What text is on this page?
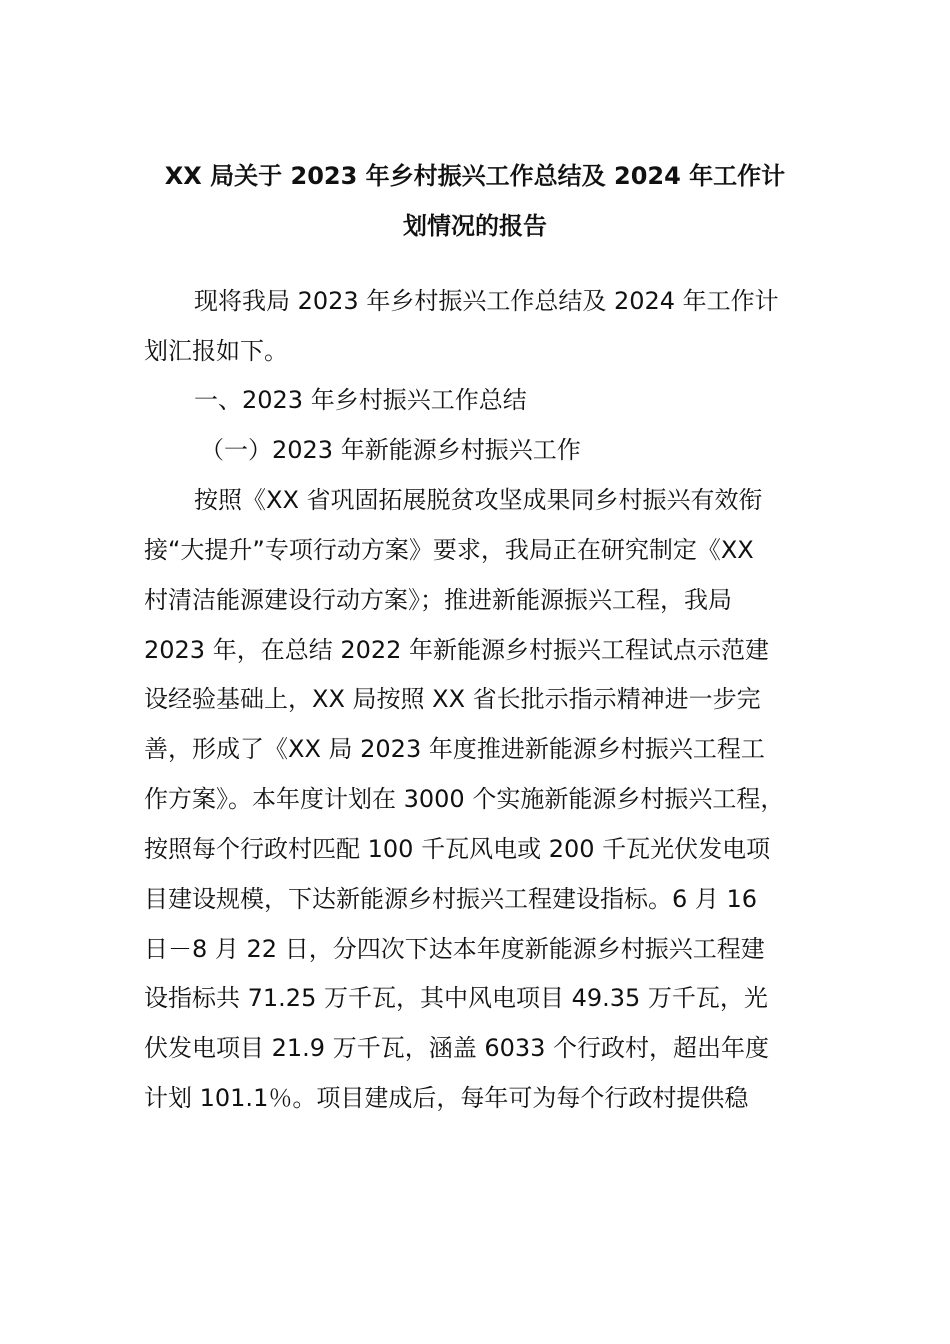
XX 局关于 2023 年乡村振兴工作总结及 2024 年工作计
划情况的报告
现将我局 2023 年乡村振兴工作总结及 2024 年工作计
划汇报如下。
一、2023 年乡村振兴工作总结
（一）2023 年新能源乡村振兴工作
按照《XX 省巩固拓展脱贫攻坚成果同乡村振兴有效衔
接“大提升”专项行动方案》要求，我局正在研究制定《XX
村清洁能源建设行动方案》；推进新能源振兴工程，我局
2023 年，在总结 2022 年新能源乡村振兴工程试点示范建
设经验基础上，XX 局按照 XX 省长批示指示精神进一步完
善，形成了《XX 局 2023 年度推进新能源乡村振兴工程工
作方案》。本年度计划在 3000 个实施新能源乡村振兴工程，
按照每个行政村匹配 100 千瓦风电或 200 千瓦光伏发电项
目建设规模，下达新能源乡村振兴工程建设指标。6 月 16
日－8 月 22 日，分四次下达本年度新能源乡村振兴工程建
设指标共 71.25 万千瓦，其中风电项目 49.35 万千瓦，光
伏发电项目 21.9 万千瓦，涵盖 6033 个行政村，超出年度
计划 101.1％。项目建成后，每年可为每个行政村提供稳
